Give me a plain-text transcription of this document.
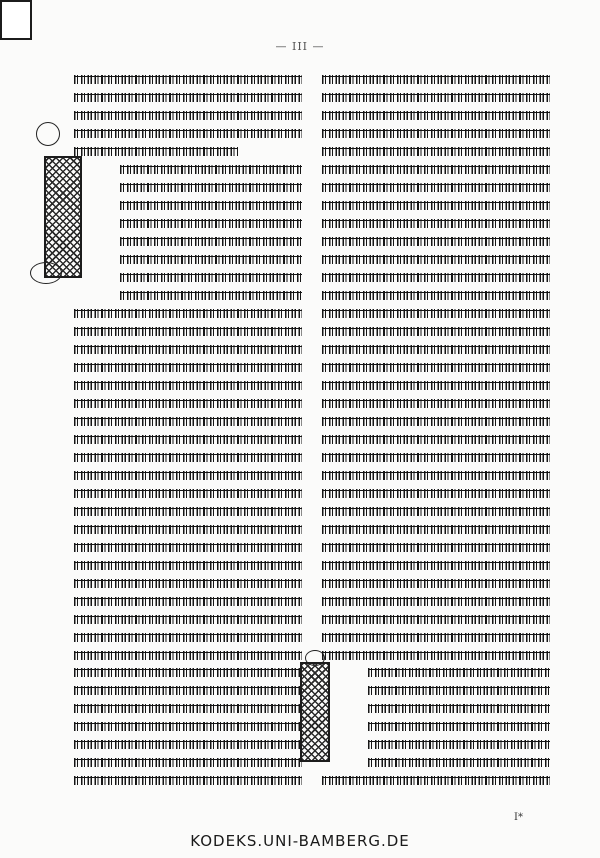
— III —
I*
KODEKS.UNI-BAMBERG.DE
